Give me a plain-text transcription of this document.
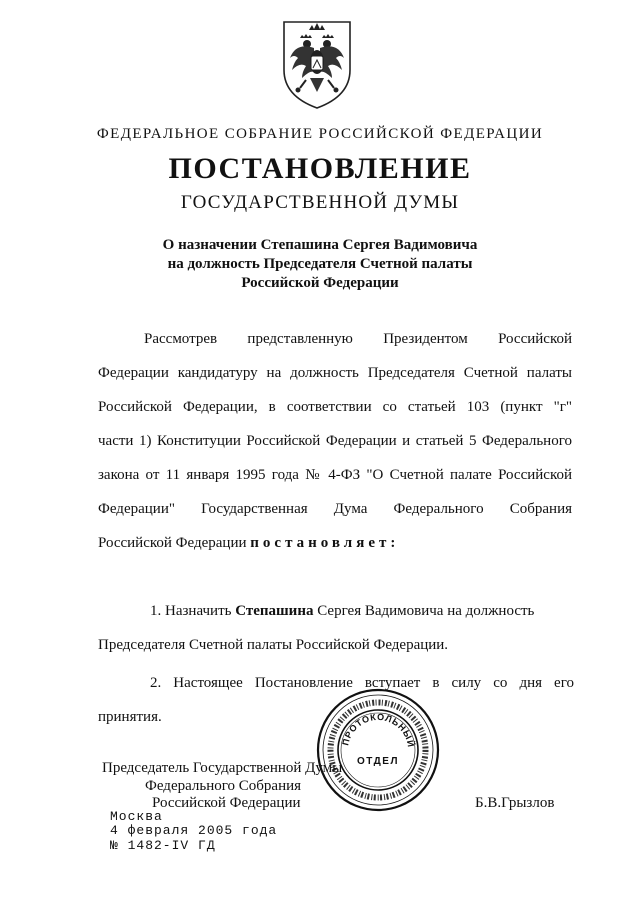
ФЕДЕРАЛЬНОЕ СОБРАНИЕ РОССИЙСКОЙ ФЕДЕРАЦИИ
ПОСТАНОВЛЕНИЕ
ГОСУДАРСТВЕННОЙ ДУМЫ
О назначении Степашина Сергея Вадимовича
на должность Председателя Счетной палаты
Российской Федерации
Рассмотрев представленную Президентом Российской
Федерации кандидатуру на должность Председателя Счетной палаты
Российской Федерации, в соответствии со статьей 103 (пункт "г"
части 1) Конституции Российской Федерации и статьей 5 Федерального
закона от 11 января 1995 года № 4-ФЗ "О Счетной палате Российской
Федерации" Государственная Дума Федерального Собрания
Российской Федерации постановляет:
1. Назначить Степашина Сергея Вадимовича на должность
Председателя Счетной палаты Российской Федерации.
2. Настоящее Постановление вступает в силу со дня его
принятия.
ПРОТОКОЛЬНЫЙ
ОТДЕЛ
Председатель Государственной Думы
Федерального Собрания
Российской Федерации	Б.В.Грызлов
Москва
4 февраля 2005 года
№ 1482-IV ГД
